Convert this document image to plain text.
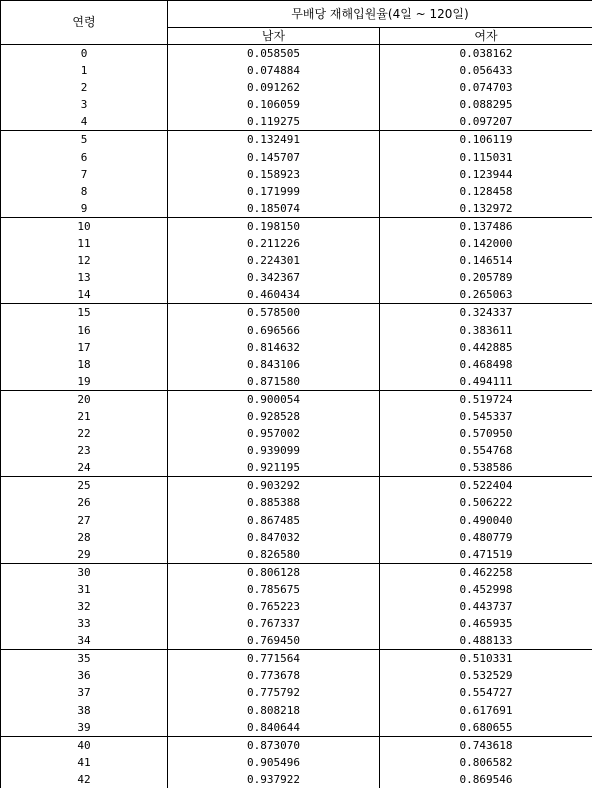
연령	무배당 재해입원율(4일 ~ 120일)	
	남자	여자
0	0.058505	0.038162
1	0.074884	0.056433
2	0.091262	0.074703
3	0.106059	0.088295
4	0.119275	0.097207
5	0.132491	0.106119
6	0.145707	0.115031
7	0.158923	0.123944
8	0.171999	0.128458
9	0.185074	0.132972
10	0.198150	0.137486
11	0.211226	0.142000
12	0.224301	0.146514
13	0.342367	0.205789
14	0.460434	0.265063
15	0.578500	0.324337
16	0.696566	0.383611
17	0.814632	0.442885
18	0.843106	0.468498
19	0.871580	0.494111
20	0.900054	0.519724
21	0.928528	0.545337
22	0.957002	0.570950
23	0.939099	0.554768
24	0.921195	0.538586
25	0.903292	0.522404
26	0.885388	0.506222
27	0.867485	0.490040
28	0.847032	0.480779
29	0.826580	0.471519
30	0.806128	0.462258
31	0.785675	0.452998
32	0.765223	0.443737
33	0.767337	0.465935
34	0.769450	0.488133
35	0.771564	0.510331
36	0.773678	0.532529
37	0.775792	0.554727
38	0.808218	0.617691
39	0.840644	0.680655
40	0.873070	0.743618
41	0.905496	0.806582
42	0.937922	0.869546
